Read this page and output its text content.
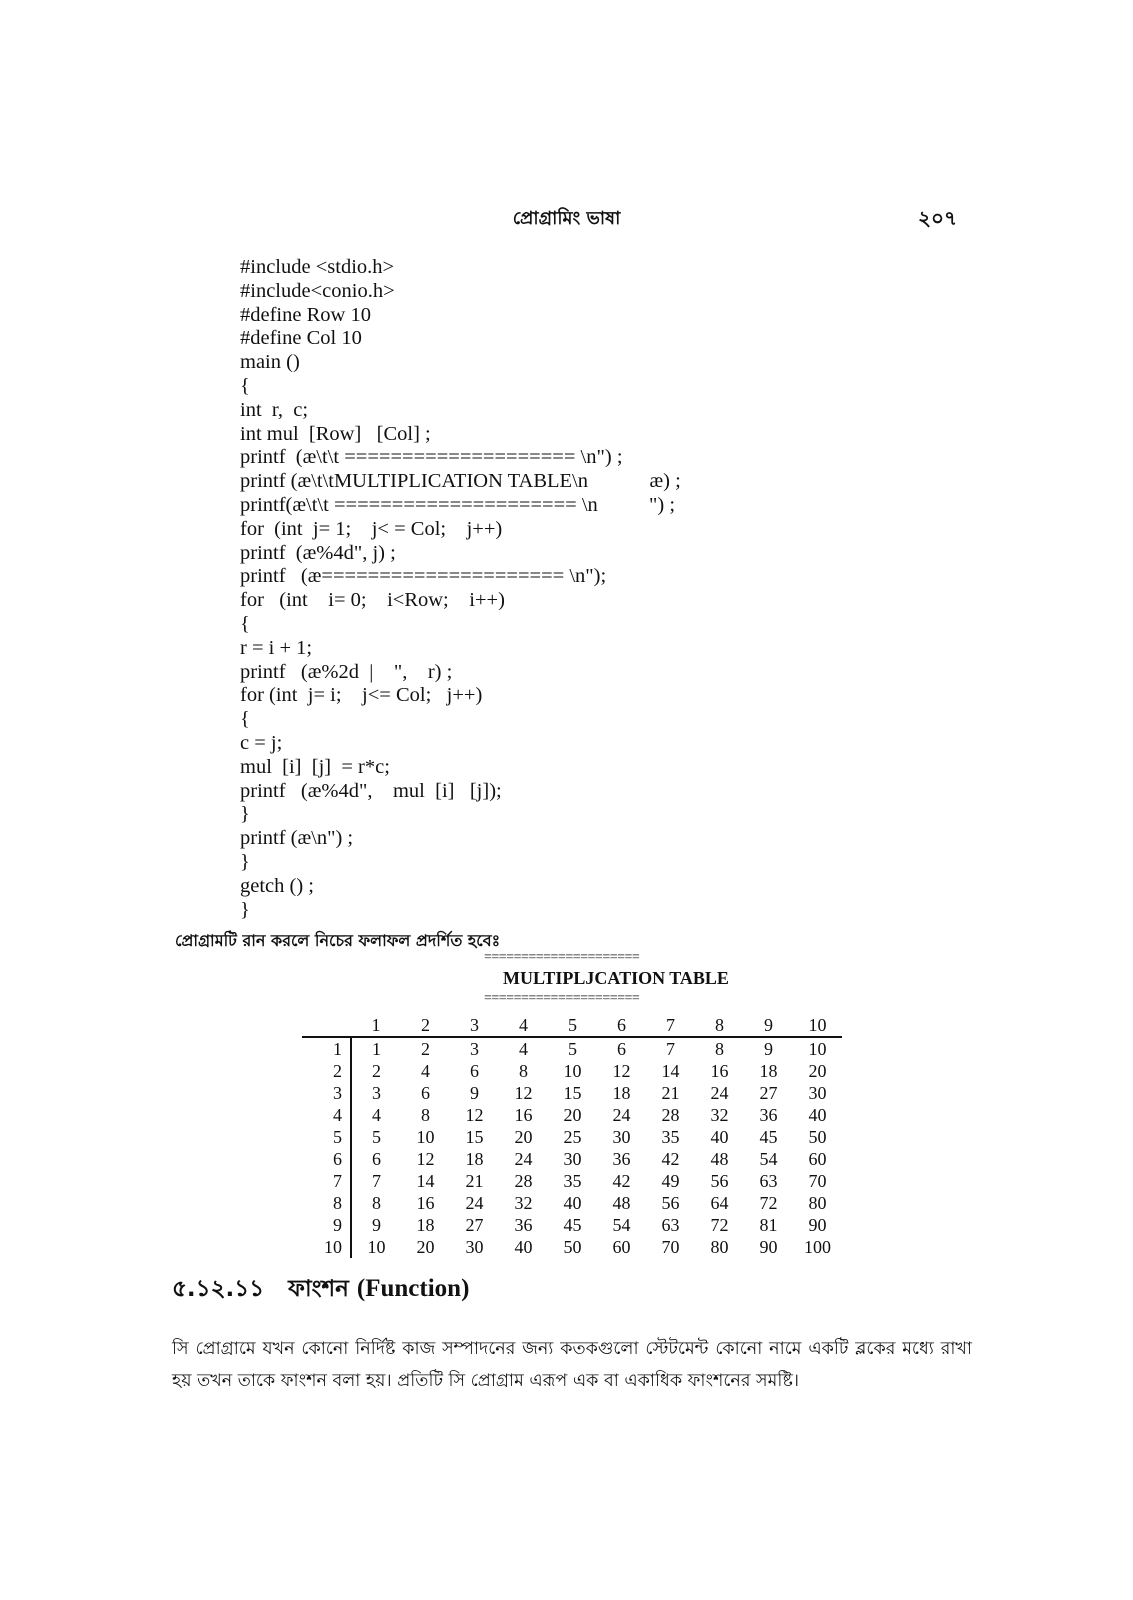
প্রোগ্রামিং ভাষা	২০৭
#include <stdio.h>
#include<conio.h>
#define Row 10
#define Col 10
main ()
{
int  r,  c;
int mul  [Row]   [Col] ;
printf  (æ\t\t ==================== \n") ;
printf (æ\t\tMULTIPLICATION TABLE\n            æ) ;
printf(æ\t\t ===================== \n          ") ;
for  (int  j= 1;    j< = Col;    j++)
printf  (æ%4d", j) ;
printf   (æ===================== \n");
for   (int    i= 0;    i<Row;    i++)
{
r = i + 1;
printf   (æ%2d  |    ",    r) ;
for (int  j= i;    j<= Col;   j++)
{
c = j;
mul  [i]  [j]  = r*c;
printf   (æ%4d",    mul  [i]   [j]);
}
printf (æ\n") ;
}
getch () ;
}
প্রোগ্রামটি রান করলে নিচের ফলাফল প্রদর্শিত হবেঃ
=====================
MULTIPLJCATION TABLE
=====================
	1	2	3	4	5	6	7	8	9	10
1	1	2	3	4	5	6	7	8	9	10
2	2	4	6	8	10	12	14	16	18	20
3	3	6	9	12	15	18	21	24	27	30
4	4	8	12	16	20	24	28	32	36	40
5	5	10	15	20	25	30	35	40	45	50
6	6	12	18	24	30	36	42	48	54	60
7	7	14	21	28	35	42	49	56	63	70
8	8	16	24	32	40	48	56	64	72	80
9	9	18	27	36	45	54	63	72	81	90
10	10	20	30	40	50	60	70	80	90	100
৫.১২.১১ ফাংশন (Function)

সি প্রোগ্রামে যখন কোনো নির্দিষ্ট কাজ সম্পাদনের জন্য কতকগুলো স্টেটমেন্ট কোনো নামে একটি ব্লকের মধ্যে রাখা হয় তখন তাকে ফাংশন বলা হয়। প্রতিটি সি প্রোগ্রাম এরূপ এক বা একাধিক ফাংশনের সমষ্টি।
